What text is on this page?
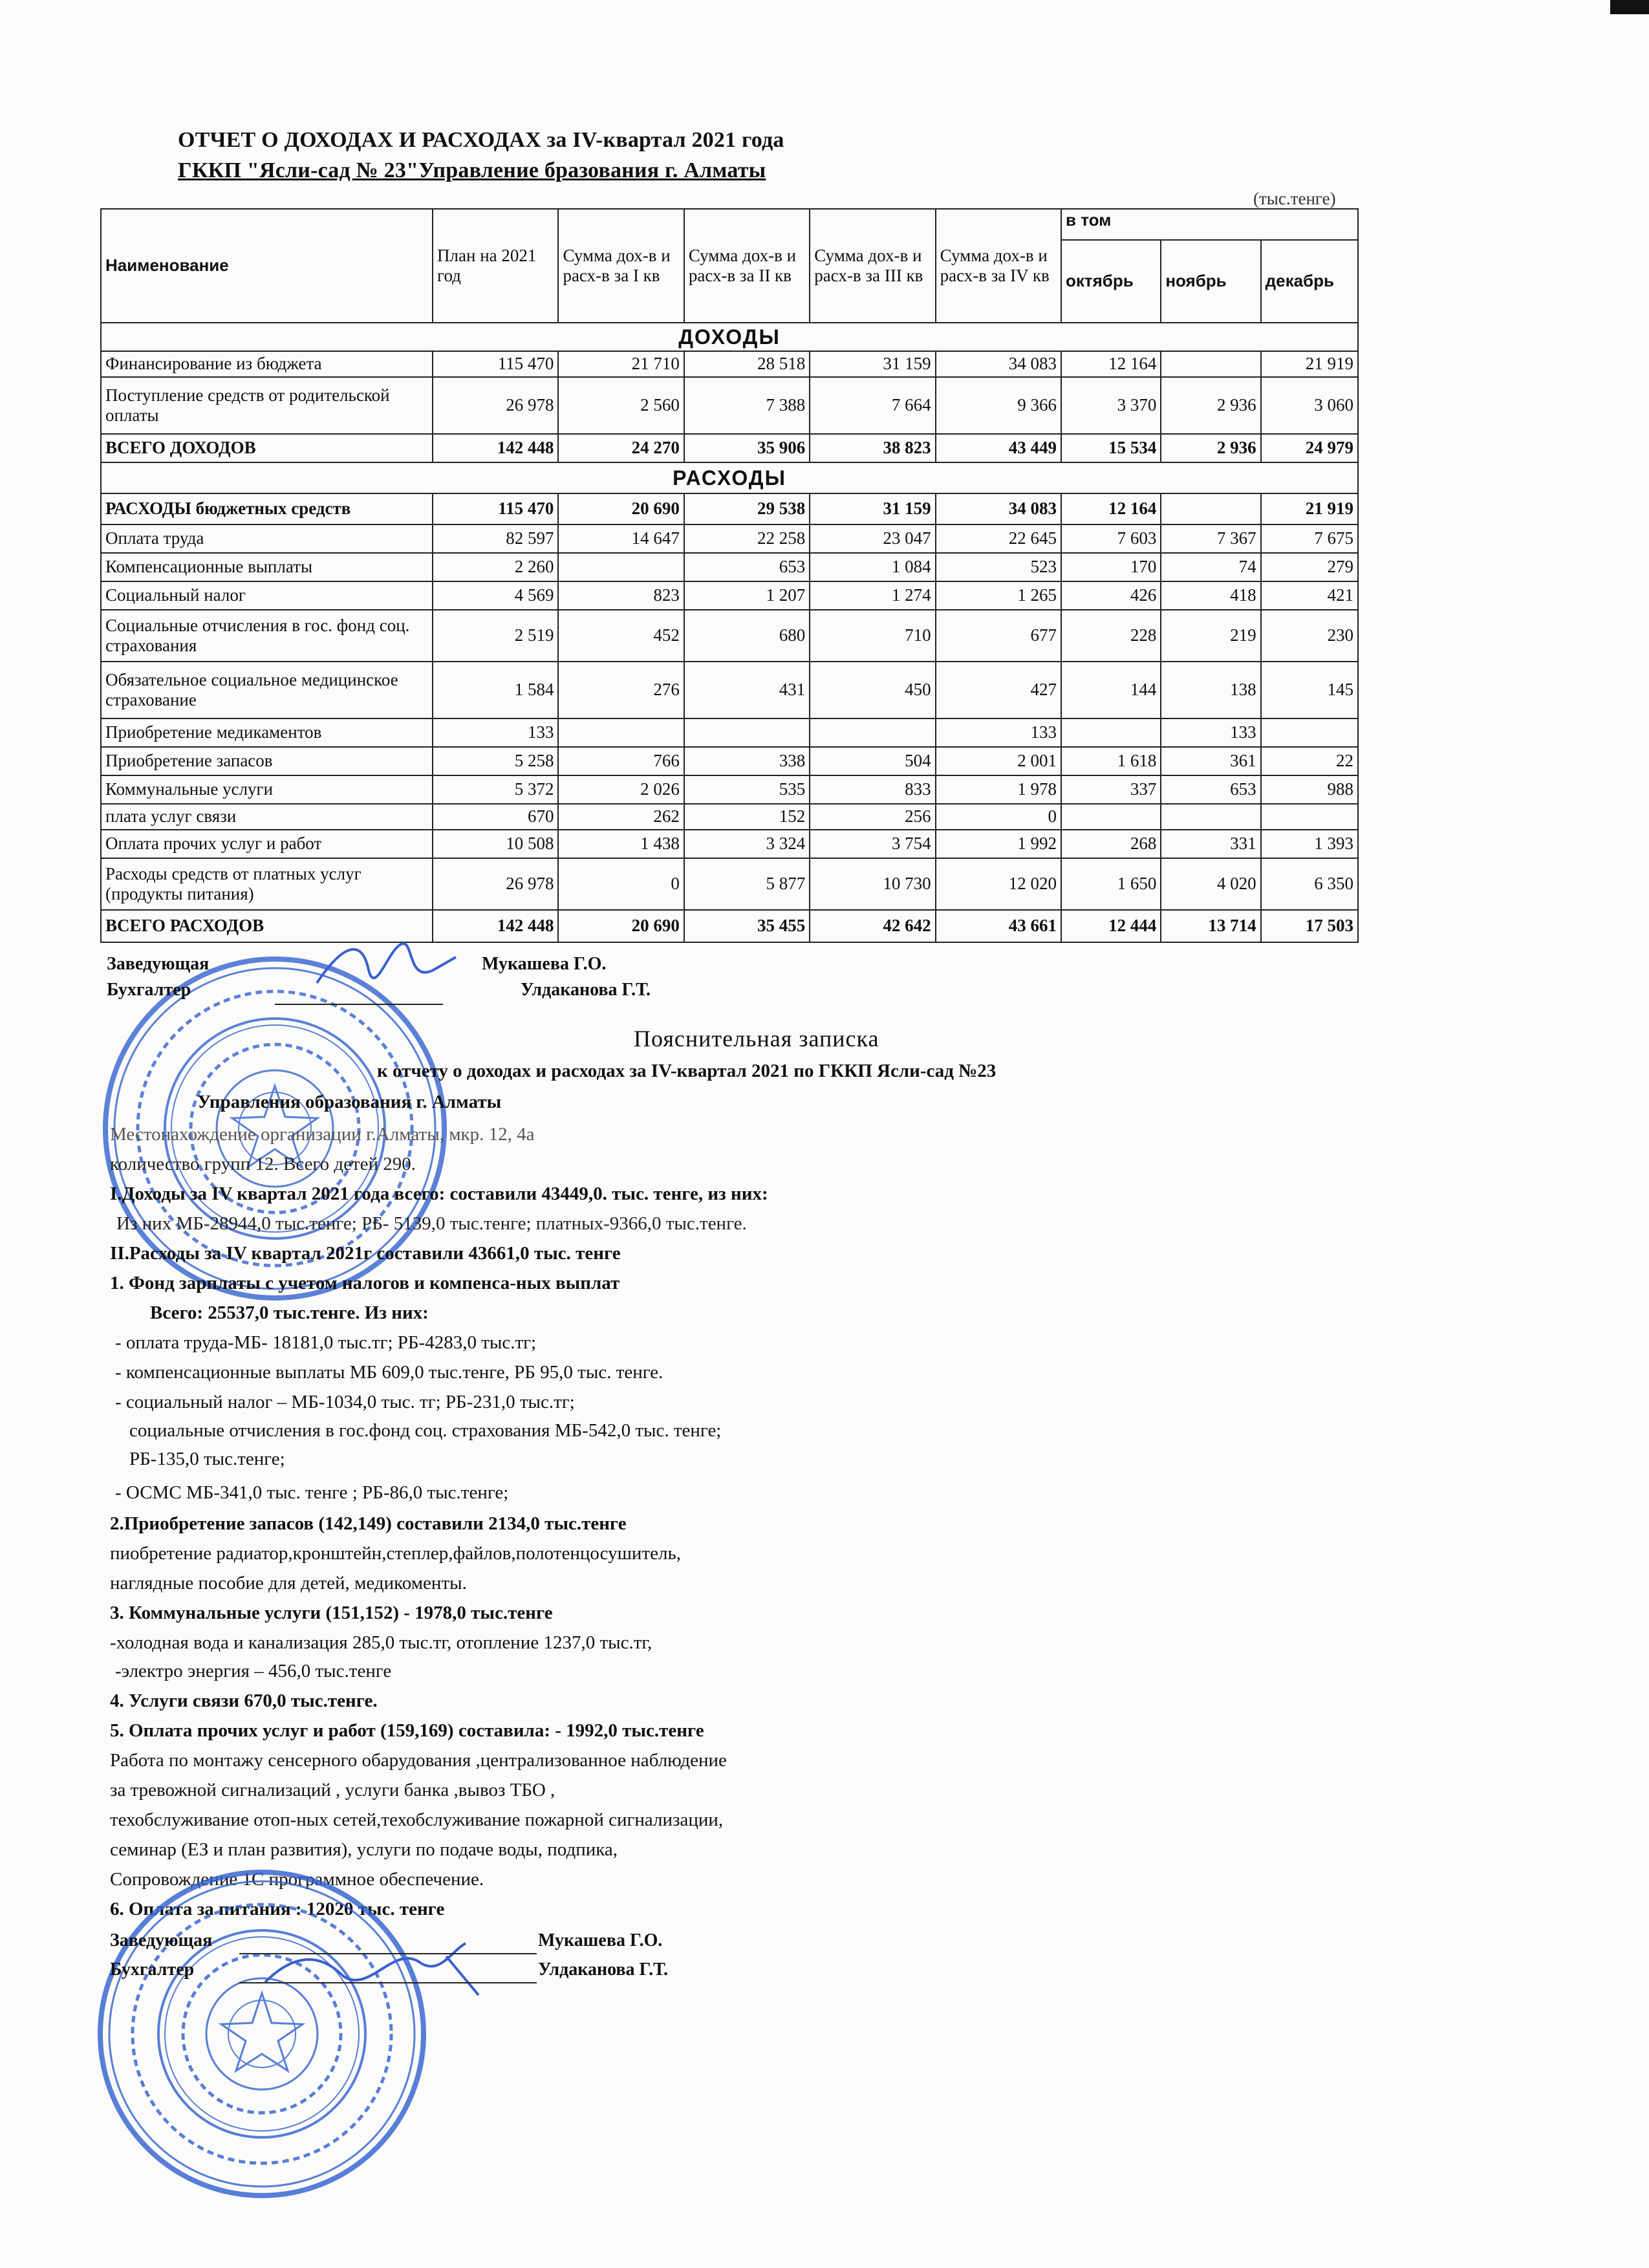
ОТЧЕТ О ДОХОДАХ И РАСХОДАХ за IV-квартал 2021 года
ГККП "Ясли-сад № 23"Управление бразования г. Алматы
(тыс.тенге)
Наименование	План на 2021 год	Сумма дох-в и расх-в за I кв	Сумма дох-в и расх-в за II кв	Сумма дох-в и расх-в за III кв	Сумма дох-в и расх-в за IV кв	в том		
						октябрь	ноябрь	декабрь
ДОХОДЫ								
Финансирование из бюджета	115 470	21 710	28 518	31 159	34 083	12 164		21 919
Поступление средств от родительской оплаты	26 978	2 560	7 388	7 664	9 366	3 370	2 936	3 060
ВСЕГО ДОХОДОВ	142 448	24 270	35 906	38 823	43 449	15 534	2 936	24 979
РАСХОДЫ								
РАСХОДЫ бюджетных средств	115 470	20 690	29 538	31 159	34 083	12 164		21 919
Оплата труда	82 597	14 647	22 258	23 047	22 645	7 603	7 367	7 675
Компенсационные выплаты	2 260		653	1 084	523	170	74	279
Социальный налог	4 569	823	1 207	1 274	1 265	426	418	421
Социальные отчисления в гос. фонд соц. страхования	2 519	452	680	710	677	228	219	230
Обязательное социальное медицинское страхование	1 584	276	431	450	427	144	138	145
Приобретение медикаментов	133				133		133	
Приобретение запасов	5 258	766	338	504	2 001	1 618	361	22
Коммунальные услуги	5 372	2 026	535	833	1 978	337	653	988
плата услуг связи	670	262	152	256	0			
Оплата прочих услуг и работ	10 508	1 438	3 324	3 754	1 992	268	331	1 393
Расходы средств от платных услуг (продукты питания)	26 978	0	5 877	10 730	12 020	1 650	4 020	6 350
ВСЕГО РАСХОДОВ	142 448	20 690	35 455	42 642	43 661	12 444	13 714	17 503
Заведующая	Мукашева Г.О.
Бухгалтер	Улдаканова Г.Т.
Пояснительная записка
к отчету о доходах и расходах за IV-квартал 2021 по ГККП Ясли-сад №23
Управления образования г. Алматы
Местонахождение организации г.Алматы, мкр. 12, 4а
количество групп 12. Всего детей 290.
I.Доходы за IV квартал 2021 года всего: составили 43449,0. тыс. тенге, из них:
Из них МБ-28944,0 тыс.тенге; РБ- 5139,0 тыс.тенге; платных-9366,0 тыс.тенге.
II.Расходы за IV квартал 2021г составили 43661,0 тыс. тенге
1. Фонд зарплаты с учетом налогов и компенса-ных выплат
Всего: 25537,0 тыс.тенге. Из них:
- оплата труда-МБ- 18181,0 тыс.тг; РБ-4283,0 тыс.тг;
- компенсационные выплаты МБ 609,0 тыс.тенге, РБ 95,0 тыс. тенге.
- социальный налог – МБ-1034,0 тыс. тг; РБ-231,0 тыс.тг;
социальные отчисления в гос.фонд соц. страхования МБ-542,0 тыс. тенге;
РБ-135,0 тыс.тенге;
- ОСМС МБ-341,0 тыс. тенге ; РБ-86,0 тыс.тенге;
2.Приобретение запасов (142,149) составили 2134,0 тыс.тенге
пиобретение радиатор,кронштейн,степлер,файлов,полотенцосушитель,
наглядные пособие для детей, медикоменты.
3. Коммунальные услуги (151,152) - 1978,0 тыс.тенге
-холодная вода и канализация 285,0 тыс.тг, отопление 1237,0 тыс.тг,
-электро энергия – 456,0 тыс.тенге
4. Услуги связи 670,0 тыс.тенге.
5. Оплата прочих услуг и работ (159,169) составила: - 1992,0 тыс.тенге
Работа по монтажу сенсерного обарудования ,централизованное наблюдение
за тревожной сигнализаций , услуги банка ,вывоз ТБО ,
техобслуживание отоп-ных сетей,техобслуживание пожарной сигнализации,
семинар (ЕЗ и план развития), услуги по подаче воды, подпика,
Сопровождение 1С программное обеспечение.
6. Оплата за питания : 12020 тыс. тенге
Заведующая	Мукашева Г.О.
Бухгалтер	Улдаканова Г.Т.
